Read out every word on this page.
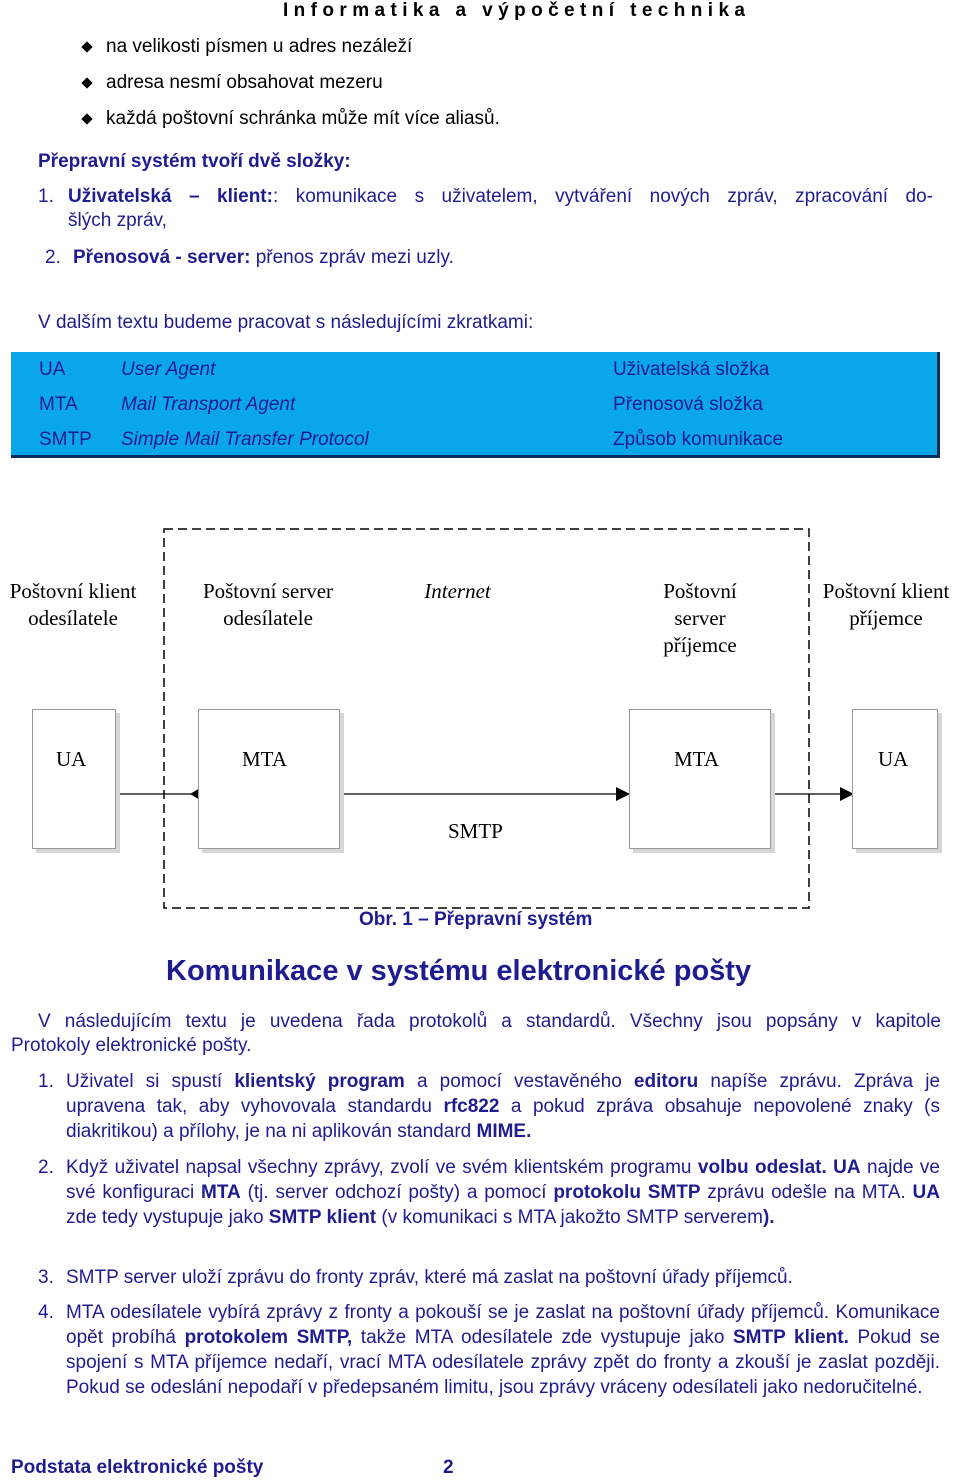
Informatika a výpočetní technika
na velikosti písmen u adres nezáleží
adresa nesmí obsahovat mezeru
každá poštovní schránka může mít více aliasů.
Přepravní systém tvoří dvě složky:
1. Uživatelská – klient:: komunikace s uživatelem, vytváření nových zpráv, zpracování do-
šlých zpráv,
2. Přenosová - server: přenos zpráv mezi uzly.
V dalším textu budeme pracovat s následujícími zkratkami:
UA	User Agent	Uživatelská složka
MTA Mail Transport Agent	Přenosová složka
SMTP Simple Mail Transfer Protocol	Způsob komunikace
Poštovní klient
odesílatele
Poštovní server
odesílatele
Internet	Poštovní
server
příjemce
Poštovní klient
příjemce
UA	MTA	MTA	UA
SMTP
Obr. 1 – Přepravní systém
Komunikace v systému elektronické pošty
V následujícím textu je uvedena řada protokolů a standardů. Všechny jsou popsány v kapitole
Protokoly elektronické pošty.
1. Uživatel si spustí klientský program a pomocí vestavěného editoru napíše zprávu. Zpráva je upravena tak, aby vyhovovala standardu rfc822 a pokud zpráva obsahuje nepovolené znaky (s diakritikou) a přílohy, je na ni aplikován standard MIME.
2. Když uživatel napsal všechny zprávy, zvolí ve svém klientském programu volbu odeslat. UA najde ve své konfiguraci MTA (tj. server odchozí pošty) a pomocí protokolu SMTP zprávu odešle na MTA. UA zde tedy vystupuje jako SMTP klient (v komunikaci s MTA jakožto SMTP serverem).
3. SMTP server uloží zprávu do fronty zpráv, které má zaslat na poštovní úřady příjemců.
4. MTA odesílatele vybírá zprávy z fronty a pokouší se je zaslat na poštovní úřady příjemců. Komunikace opět probíhá protokolem SMTP, takže MTA odesílatele zde vystupuje jako SMTP klient. Pokud se spojení s MTA příjemce nedaří, vrací MTA odesílatele zprávy zpět do fronty a zkouší je zaslat později. Pokud se odeslání nepodaří v předepsaném limitu, jsou zprávy vráceny odesílateli jako nedoručitelné.
Podstata elektronické pošty	2
